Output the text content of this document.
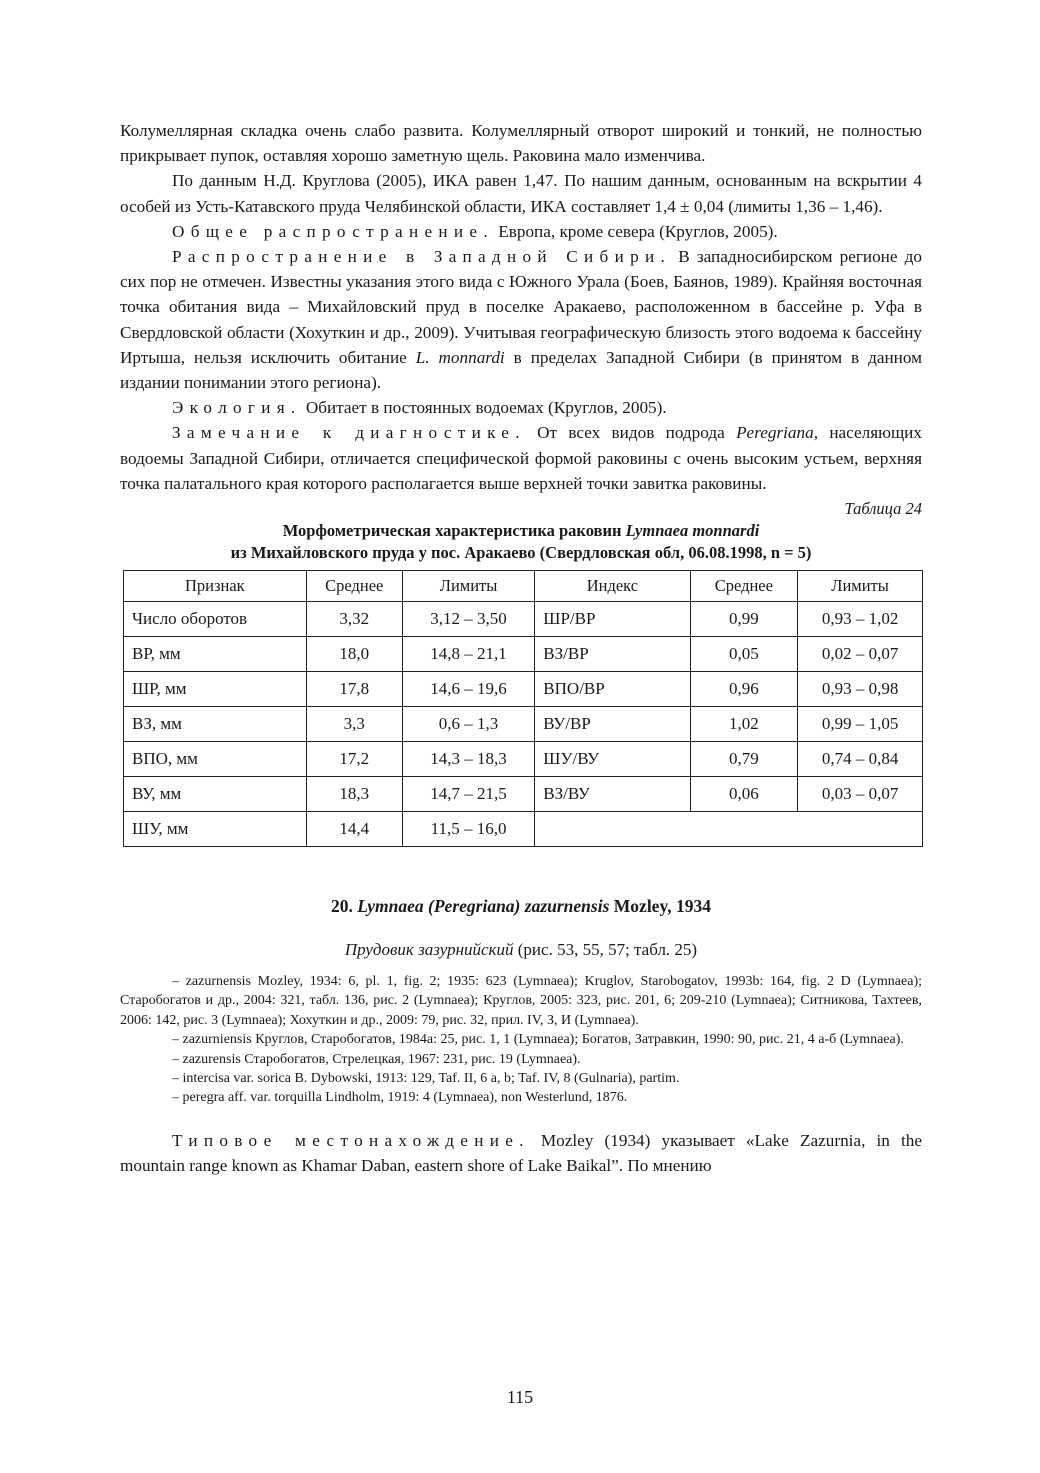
Колумеллярная складка очень слабо развита. Колумеллярный отворот широкий и тонкий, не полностью прикрывает пупок, оставляя хорошо заметную щель. Раковина мало изменчива.

По данным Н.Д. Круглова (2005), ИКА равен 1,47. По нашим данным, основанным на вскрытии 4 особей из Усть-Катавского пруда Челябинской области, ИКА составляет 1,4 ± 0,04 (лимиты 1,36 – 1,46).

Общее распространение. Европа, кроме севера (Круглов, 2005).

Распространение в Западной Сибири. В западносибирском регионе до сих пор не отмечен. Известны указания этого вида с Южного Урала (Боев, Баянов, 1989). Крайняя восточная точка обитания вида – Михайловский пруд в поселке Аракаево, расположенном в бассейне р. Уфа в Свердловской области (Хохуткин и др., 2009). Учитывая географическую близость этого водоема к бассейну Иртыша, нельзя исключить обитание L. monnardi в пределах Западной Сибири (в принятом в данном издании понимании этого региона).

Экология. Обитает в постоянных водоемах (Круглов, 2005).

Замечание к диагностике. От всех видов подрода Peregriana, населяющих водоемы Западной Сибири, отличается специфической формой раковины с очень высоким устьем, верхняя точка палатального края которого располагается выше верхней точки завитка раковины.

Таблица 24
Морфометрическая характеристика раковин Lymnaea monnardi
из Михайловского пруда у пос. Аракаево (Свердловская обл, 06.08.1998, n = 5)
Признак	Среднее	Лимиты	Индекс	Среднее	Лимиты
Число оборотов	3,32	3,12 – 3,50	ШР/ВР	0,99	0,93 – 1,02
ВР, мм	18,0	14,8 – 21,1	ВЗ/ВР	0,05	0,02 – 0,07
ШР, мм	17,8	14,6 – 19,6	ВПО/ВР	0,96	0,93 – 0,98
ВЗ, мм	3,3	0,6 – 1,3	ВУ/ВР	1,02	0,99 – 1,05
ВПО, мм	17,2	14,3 – 18,3	ШУ/ВУ	0,79	0,74 – 0,84
ВУ, мм	18,3	14,7 – 21,5	ВЗ/ВУ	0,06	0,03 – 0,07
ШУ, мм	14,4	11,5 – 16,0			
20. Lymnaea (Peregriana) zazurnensis Mozley, 1934
Прудовик зазурнийский (рис. 53, 55, 57; табл. 25)
– zazurnensis Mozley, 1934: 6, pl. 1, fig. 2; 1935: 623 (Lymnaea); Kruglov, Starobogatov, 1993b: 164, fig. 2 D (Lymnaea); Старобогатов и др., 2004: 321, табл. 136, рис. 2 (Lymnaea); Круглов, 2005: 323, рис. 201, 6; 209-210 (Lymnaea); Ситникова, Тахтеев, 2006: 142, рис. 3 (Lymnaea); Хохуткин и др., 2009: 79, рис. 32, прил. IV, З, И (Lymnaea).
– zazurniensis Круглов, Старобогатов, 1984a: 25, рис. 1, 1 (Lymnaea); Богатов, Затравкин, 1990: 90, рис. 21, 4 а-б (Lymnaea).
– zazurensis Старобогатов, Стрелецкая, 1967: 231, рис. 19 (Lymnaea).
– intercisa var. sorica B. Dybowski, 1913: 129, Taf. II, 6 a, b; Taf. IV, 8 (Gulnaria), partim.
– peregra aff. var. torquilla Lindholm, 1919: 4 (Lymnaea), non Westerlund, 1876.

Типовое местонахождение. Mozley (1934) указывает «Lake Zazurnia, in the mountain range known as Khamar Daban, eastern shore of Lake Baikal”. По мнению

115
